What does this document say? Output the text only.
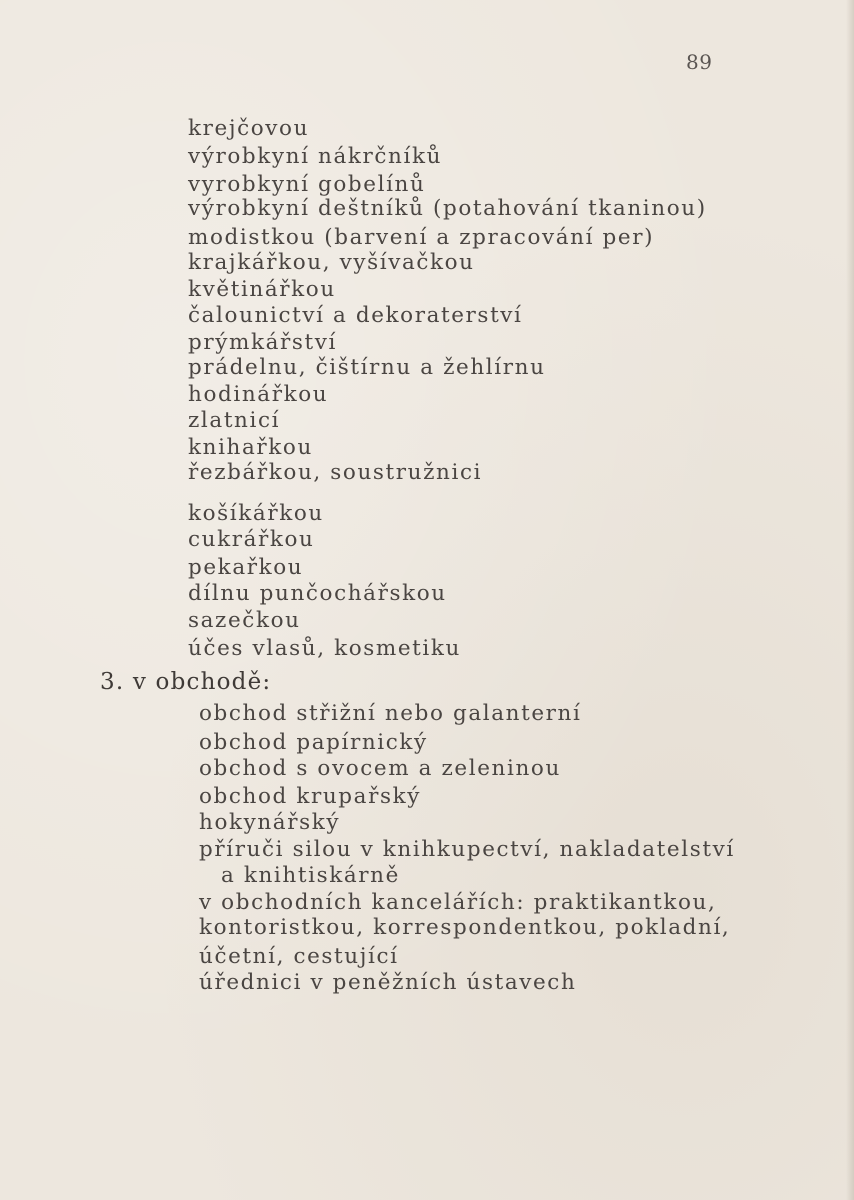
89
krejčovou
výrobkyní nákrčníků
vyrobkyní gobelínů
výrobkyní deštníků (potahování tkaninou)
modistkou (barvení a zpracování per)
krajkářkou, vyšívačkou
květinářkou
čalounictví a dekoraterství
prýmkářství
prádelnu, čištírnu a žehlírnu
hodinářkou
zlatnicí
knihařkou
řezbářkou, soustružnici
košíkářkou
cukrářkou
pekařkou
dílnu punčochářskou
sazečkou
účes vlasů, kosmetiku
3. v obchodě:
obchod střižní nebo galanterní
obchod papírnický
obchod s ovocem a zeleninou
obchod krupařský
hokynářský
příruči silou v knihkupectví, nakladatelství
a knihtiskárně
v obchodních kancelářích: praktikantkou,
kontoristkou, korrespondentkou, pokladní,
účetní, cestující
úřednici v peněžních ústavech
